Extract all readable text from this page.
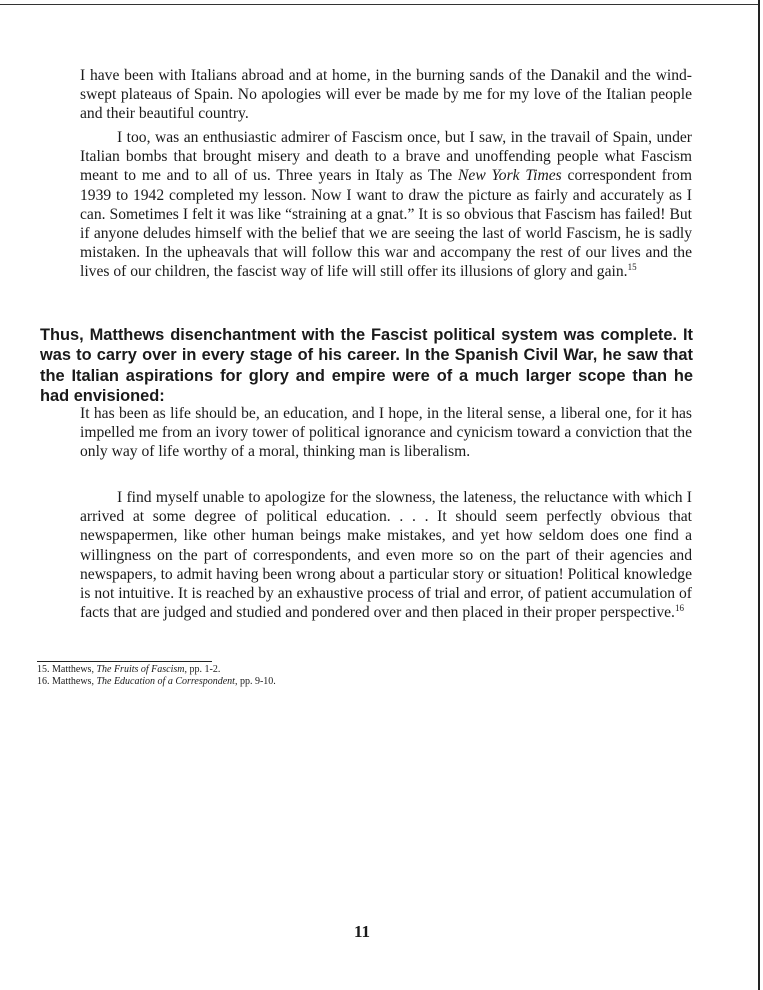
I have been with Italians abroad and at home, in the burning sands of the Danakil and the wind-swept plateaus of Spain. No apologies will ever be made by me for my love of the Italian people and their beautiful country.

I too, was an enthusiastic admirer of Fascism once, but I saw, in the travail of Spain, under Italian bombs that brought misery and death to a brave and unoffending people what Fascism meant to me and to all of us. Three years in Italy as The New York Times correspondent from 1939 to 1942 completed my lesson. Now I want to draw the picture as fairly and accurately as I can. Sometimes I felt it was like “straining at a gnat.” It is so obvious that Fascism has failed! But if anyone deludes himself with the belief that we are seeing the last of world Fascism, he is sadly mistaken. In the upheavals that will follow this war and accompany the rest of our lives and the lives of our children, the fascist way of life will still offer its illusions of glory and gain.$^{15}$

Thus, Matthews disenchantment with the Fascist political system was complete. It was to carry over in every stage of his career. In the Spanish Civil War, he saw that the Italian aspirations for glory and empire were of a much larger scope than he had envisioned:

It has been as life should be, an education, and I hope, in the literal sense, a liberal one, for it has impelled me from an ivory tower of political ignorance and cynicism toward a conviction that the only way of life worthy of a moral, thinking man is liberalism.

I find myself unable to apologize for the slowness, the lateness, the reluctance with which I arrived at some degree of political education. . . . It should seem perfectly obvious that newspapermen, like other human beings make mistakes, and yet how seldom does one find a willingness on the part of correspondents, and even more so on the part of their agencies and newspapers, to admit having been wrong about a particular story or situation! Political knowledge is not intuitive. It is reached by an exhaustive process of trial and error, of patient accumulation of facts that are judged and studied and pondered over and then placed in their proper perspective.$^{16}$

15. Matthews, The Fruits of Fascism, pp. 1-2.
16. Matthews, The Education of a Correspondent, pp. 9-10.
11
